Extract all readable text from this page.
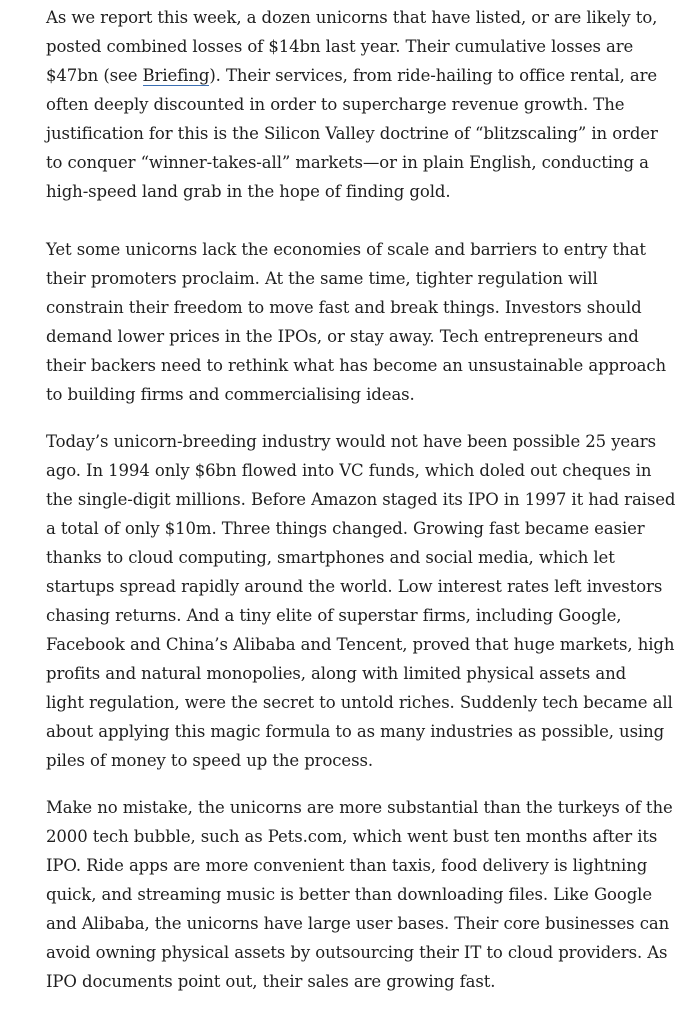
As we report this week, a dozen unicorns that have listed, or are likely to,
posted combined losses of $14bn last year. Their cumulative losses are
$47bn (see Briefing). Their services, from ride-hailing to office rental, are
often deeply discounted in order to supercharge revenue growth. The
justification for this is the Silicon Valley doctrine of “blitzscaling” in order
to conquer “winner-takes-all” markets—or in plain English, conducting a
high-speed land grab in the hope of finding gold.
Yet some unicorns lack the economies of scale and barriers to entry that
their promoters proclaim. At the same time, tighter regulation will
constrain their freedom to move fast and break things. Investors should
demand lower prices in the IPOs, or stay away. Tech entrepreneurs and
their backers need to rethink what has become an unsustainable approach
to building firms and commercialising ideas.
Today’s unicorn-breeding industry would not have been possible 25 years
ago. In 1994 only $6bn flowed into VC funds, which doled out cheques in
the single-digit millions. Before Amazon staged its IPO in 1997 it had raised
a total of only $10m. Three things changed. Growing fast became easier
thanks to cloud computing, smartphones and social media, which let
startups spread rapidly around the world. Low interest rates left investors
chasing returns. And a tiny elite of superstar firms, including Google,
Facebook and China’s Alibaba and Tencent, proved that huge markets, high
profits and natural monopolies, along with limited physical assets and
light regulation, were the secret to untold riches. Suddenly tech became all
about applying this magic formula to as many industries as possible, using
piles of money to speed up the process.
Make no mistake, the unicorns are more substantial than the turkeys of the
2000 tech bubble, such as Pets.com, which went bust ten months after its
IPO. Ride apps are more convenient than taxis, food delivery is lightning
quick, and streaming music is better than downloading files. Like Google
and Alibaba, the unicorns have large user bases. Their core businesses can
avoid owning physical assets by outsourcing their IT to cloud providers. As
IPO documents point out, their sales are growing fast.
